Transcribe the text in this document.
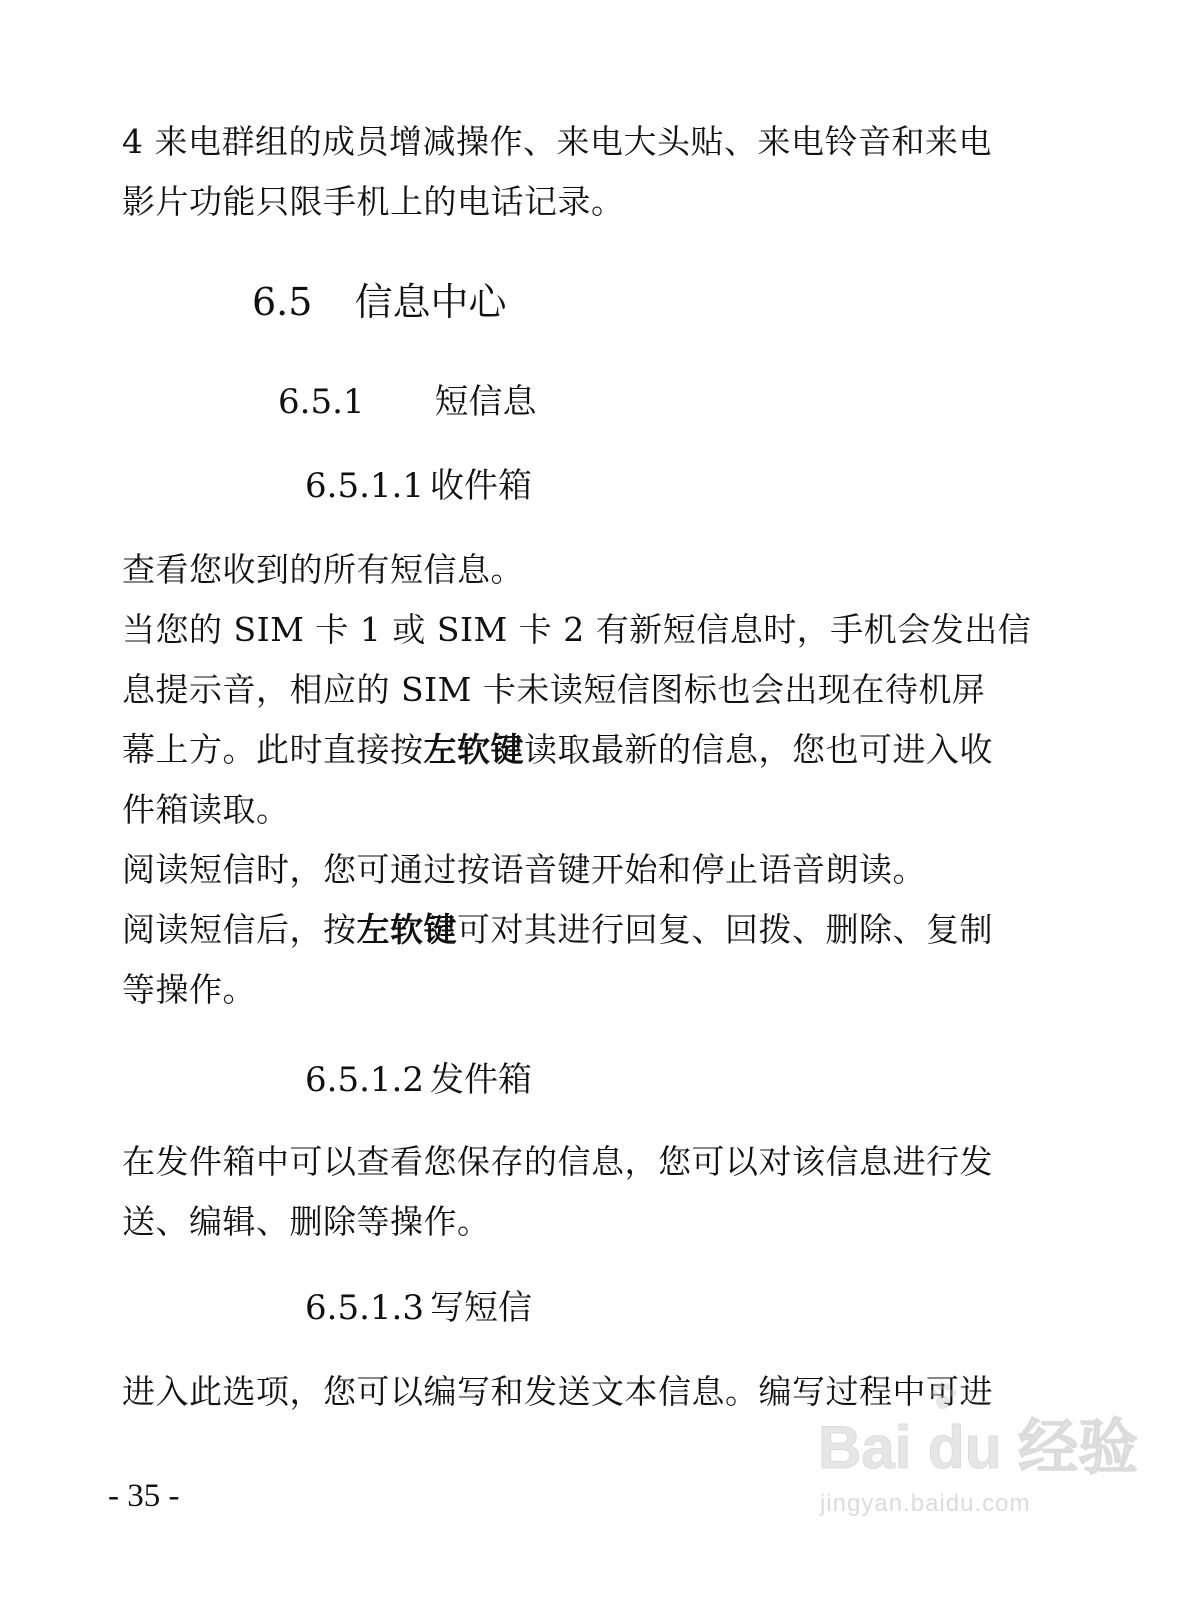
4 来电群组的成员增减操作、来电大头贴、来电铃音和来电
影片功能只限手机上的电话记录。
6.5 信息中心
6.5.1 短信息
6.5.1.1 收件箱
查看您收到的所有短信息。
当您的 SIM 卡 1 或 SIM 卡 2 有新短信息时，手机会发出信
息提示音，相应的 SIM 卡未读短信图标也会出现在待机屏
幕上方。此时直接按左软键读取最新的信息，您也可进入收
件箱读取。
阅读短信时，您可通过按语音键开始和停止语音朗读。
阅读短信后，按左软键可对其进行回复、回拨、删除、复制
等操作。
6.5.1.2 发件箱
在发件箱中可以查看您保存的信息，您可以对该信息进行发
送、编辑、删除等操作。
6.5.1.3 写短信
进入此选项，您可以编写和发送文本信息。编写过程中可进
- 35 -
Bai du 经验
jingyan.baidu.com
